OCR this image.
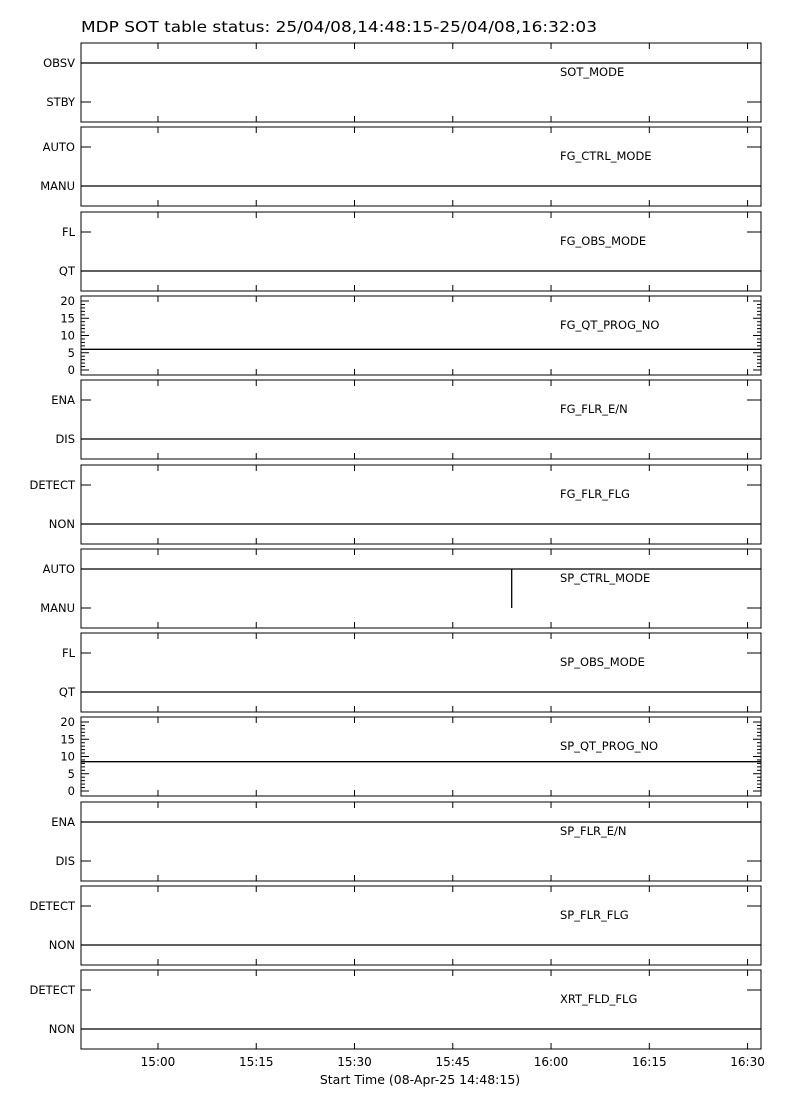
MDP SOT table status: 25/04/08,14:48:15-25/04/08,16:32:03
OBSV
STBY
SOT_MODE
AUTO
MANU
FG_CTRL_MODE
FL
QT
FG_OBS_MODE
20
15
10
5
0
FG_QT_PROG_NO
ENA
DIS
FG_FLR_E/N
DETECT
NON
FG_FLR_FLG
AUTO
MANU
SP_CTRL_MODE
FL
QT
SP_OBS_MODE
20
15
10
5
0
SP_QT_PROG_NO
ENA
DIS
SP_FLR_E/N
DETECT
NON
SP_FLR_FLG
DETECT
NON
XRT_FLD_FLG
15:00	15:15	15:30	15:45	16:00	16:15	16:30
Start Time (08-Apr-25 14:48:15)
